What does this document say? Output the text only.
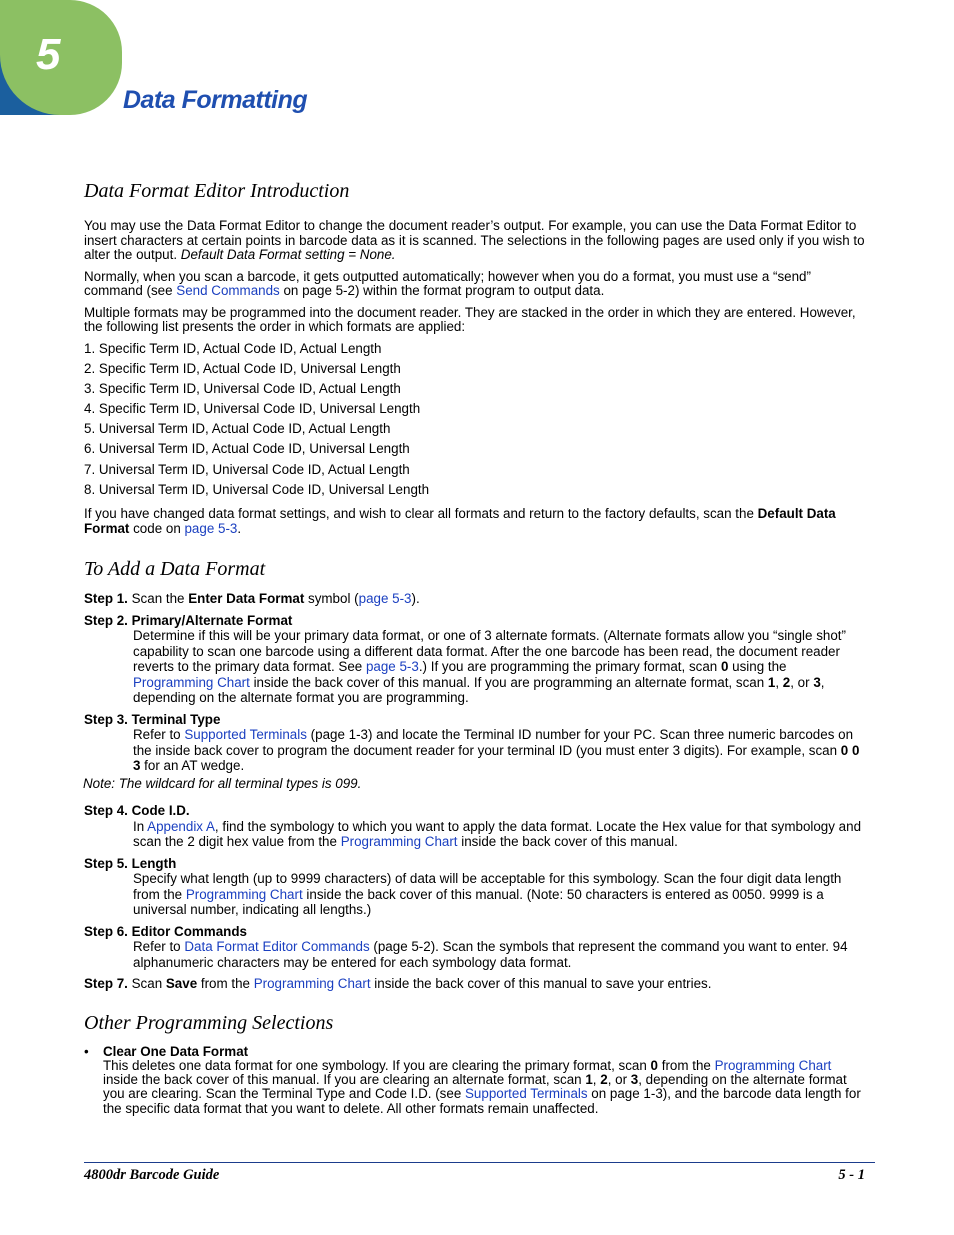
5
Data Formatting
Data Format Editor Introduction

You may use the Data Format Editor to change the document reader’s output. For example, you can use the Data Format Editor to insert characters at certain points in barcode data as it is scanned. The selections in the following pages are used only if you wish to alter the output. Default Data Format setting = None.

Normally, when you scan a barcode, it gets outputted automatically; however when you do a format, you must use a “send” command (see Send Commands on page 5-2) within the format program to output data.

Multiple formats may be programmed into the document reader. They are stacked in the order in which they are entered. However, the following list presents the order in which formats are applied:

1. Specific Term ID, Actual Code ID, Actual Length
2. Specific Term ID, Actual Code ID, Universal Length
3. Specific Term ID, Universal Code ID, Actual Length
4. Specific Term ID, Universal Code ID, Universal Length
5. Universal Term ID, Actual Code ID, Actual Length
6. Universal Term ID, Actual Code ID, Universal Length
7. Universal Term ID, Universal Code ID, Actual Length
8. Universal Term ID, Universal Code ID, Universal Length

If you have changed data format settings, and wish to clear all formats and return to the factory defaults, scan the Default Data Format code on page 5-3.

To Add a Data Format
Step 1. Scan the Enter Data Format symbol (page 5-3).
Step 2. Primary/Alternate Format
Determine if this will be your primary data format, or one of 3 alternate formats. (Alternate formats allow you “single shot” capability to scan one barcode using a different data format. After the one barcode has been read, the document reader reverts to the primary data format. See page 5-3.) If you are programming the primary format, scan 0 using the Programming Chart inside the back cover of this manual. If you are programming an alternate format, scan 1, 2, or 3, depending on the alternate format you are programming.
Step 3. Terminal Type
Refer to Supported Terminals (page 1-3) and locate the Terminal ID number for your PC. Scan three numeric barcodes on the inside back cover to program the document reader for your terminal ID (you must enter 3 digits). For example, scan 0 0 3 for an AT wedge.
Note: The wildcard for all terminal types is 099.
Step 4. Code I.D.
In Appendix A, find the symbology to which you want to apply the data format. Locate the Hex value for that symbology and scan the 2 digit hex value from the Programming Chart inside the back cover of this manual.
Step 5. Length
Specify what length (up to 9999 characters) of data will be acceptable for this symbology. Scan the four digit data length from the Programming Chart inside the back cover of this manual. (Note: 50 characters is entered as 0050. 9999 is a universal number, indicating all lengths.)
Step 6. Editor Commands
Refer to Data Format Editor Commands (page 5-2). Scan the symbols that represent the command you want to enter. 94 alphanumeric characters may be entered for each symbology data format.
Step 7. Scan Save from the Programming Chart inside the back cover of this manual to save your entries.
Other Programming Selections
• Clear One Data Format
This deletes one data format for one symbology. If you are clearing the primary format, scan 0 from the Programming Chart inside the back cover of this manual. If you are clearing an alternate format, scan 1, 2, or 3, depending on the alternate format you are clearing. Scan the Terminal Type and Code I.D. (see Supported Terminals on page 1-3), and the barcode data length for the specific data format that you want to delete. All other formats remain unaffected.
4800dr Barcode Guide	5 - 1
